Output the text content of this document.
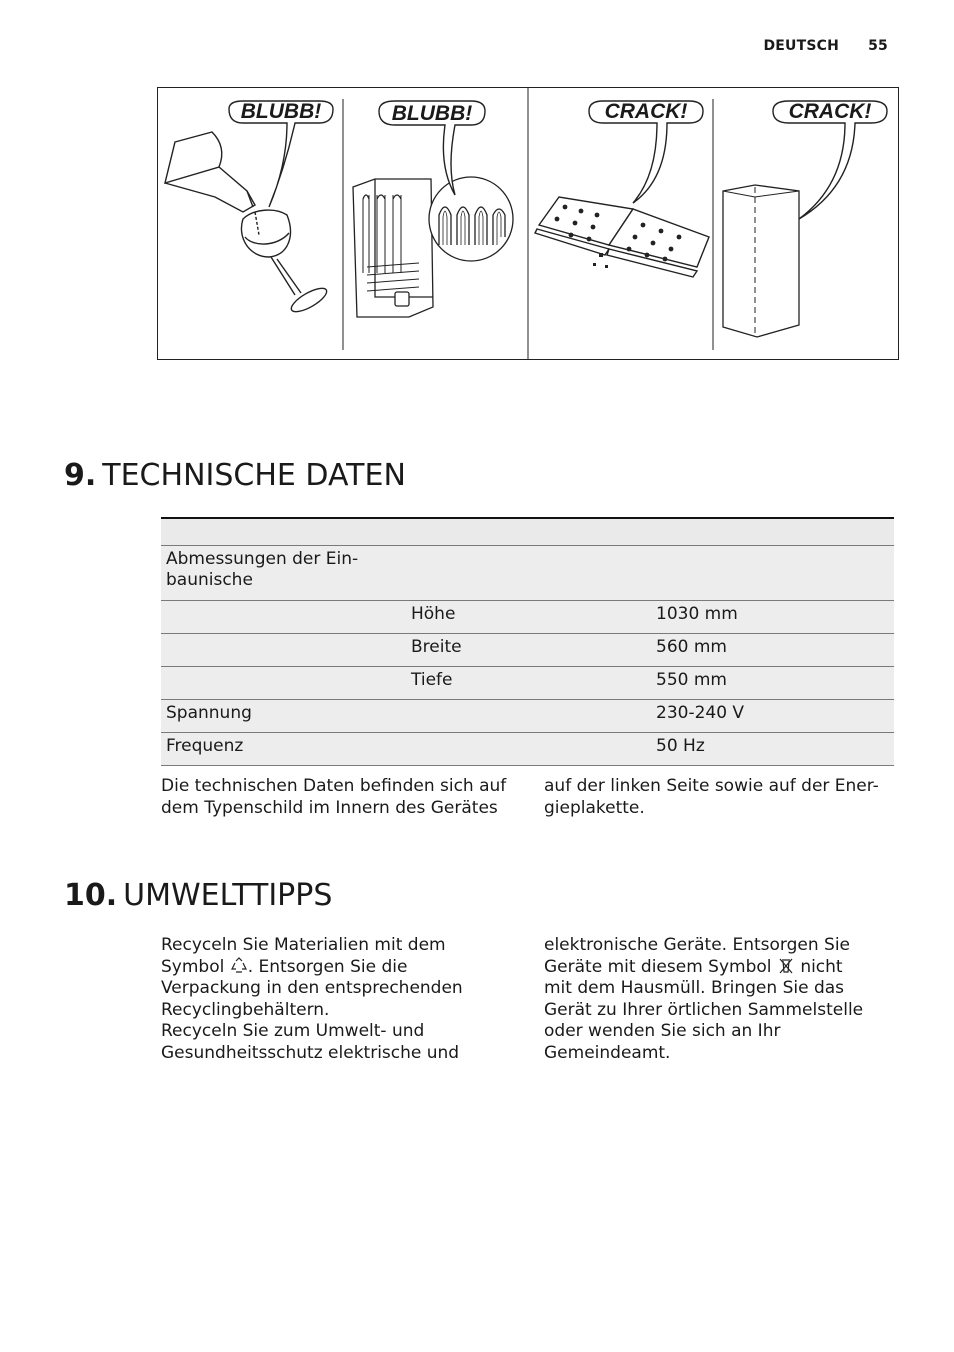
DEUTSCH 55
BLUBB!	BLUBB!	CRACK!	CRACK!
9. TECHNISCHE DATEN

Abmessungen der Ein-
baunische		
	Höhe	1030 mm
	Breite	560 mm
	Tiefe	550 mm
Spannung		230-240 V
Frequenz		50 Hz
Die technischen Daten befinden sich auf dem Typenschild im Innern des Gerätes
auf der linken Seite sowie auf der Ener-gieplakette.
10. UMWELTTIPPS
Recyceln Sie Materialien mit dem Symbol . Entsorgen Sie die Verpackung in den entsprechenden Recyclingbehältern.
Recyceln Sie zum Umwelt- und Gesundheitsschutz elektrische und
elektronische Geräte. Entsorgen Sie Geräte mit diesem Symbol nicht mit dem Hausmüll. Bringen Sie das Gerät zu Ihrer örtlichen Sammelstelle oder wenden Sie sich an Ihr Gemeindeamt.
